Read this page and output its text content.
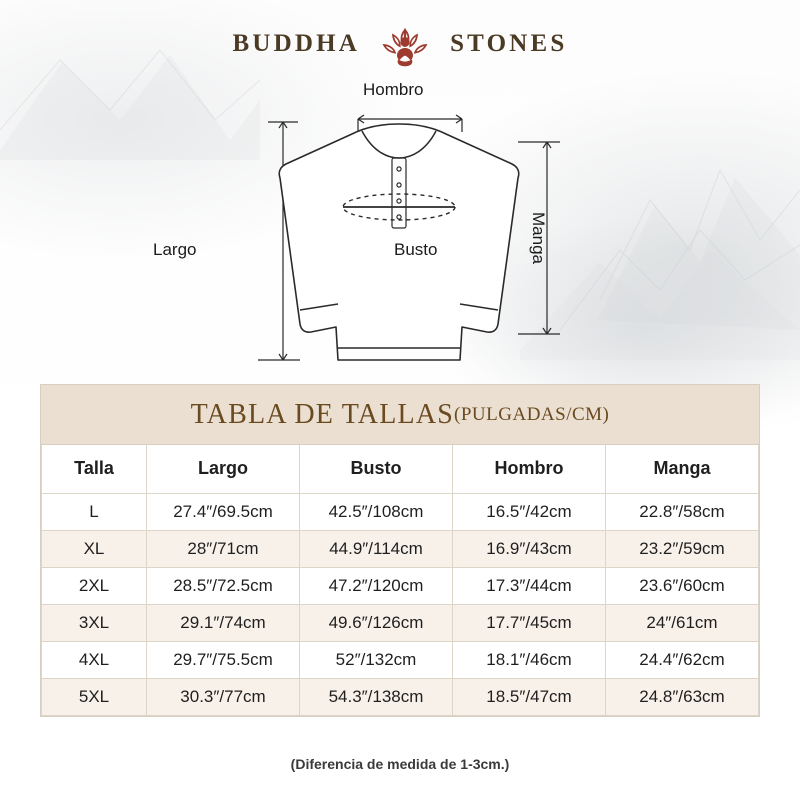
BUDDHA	STONES
Hombro
Largo	Busto	Manga
TABLA DE TALLAS (PULGADAS/CM)
Talla	Largo	Busto	Hombro	Manga
L	27.4″/69.5cm	42.5″/108cm	16.5″/42cm	22.8″/58cm
XL	28″/71cm	44.9″/114cm	16.9″/43cm	23.2″/59cm
2XL	28.5″/72.5cm	47.2″/120cm	17.3″/44cm	23.6″/60cm
3XL	29.1″/74cm	49.6″/126cm	17.7″/45cm	24″/61cm
4XL	29.7″/75.5cm	52″/132cm	18.1″/46cm	24.4″/62cm
5XL	30.3″/77cm	54.3″/138cm	18.5″/47cm	24.8″/63cm
(Diferencia de medida de 1-3cm.)
